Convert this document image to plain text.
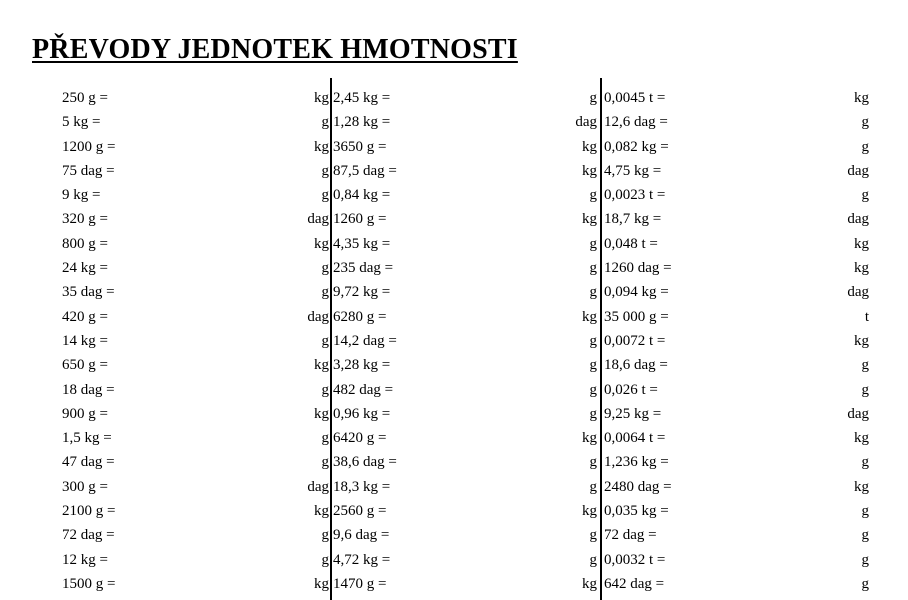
PŘEVODY JEDNOTEK HMOTNOSTI
250 g =	kg 2,45 kg =	g 0,0045 t =	kg
5 kg =	g 1,28 kg =	dag 12,6 dag =	g
1200 g =	kg 3650 g =	kg 0,082 kg =	g
75 dag =	g 87,5 dag =	kg 4,75 kg =	dag
9 kg =	g 0,84 kg =	g 0,0023 t =	g
320 g =	dag 1260 g =	kg 18,7 kg =	dag
800 g =	kg 4,35 kg =	g 0,048 t =	kg
24 kg =	g 235 dag =	g 1260 dag =	kg
35 dag =	g 9,72 kg =	g 0,094 kg =	dag
420 g =	dag 6280 g =	kg 35 000 g =	t
14 kg =	g 14,2 dag =	g 0,0072 t =	kg
650 g =	kg 3,28 kg =	g 18,6 dag =	g
18 dag =	g 482 dag =	g 0,026 t =	g
900 g =	kg 0,96 kg =	g 9,25 kg =	dag
1,5 kg =	g 6420 g =	kg 0,0064 t =	kg
47 dag =	g 38,6 dag =	g 1,236 kg =	g
300 g =	dag 18,3 kg =	g 2480 dag =	kg
2100 g =	kg 2560 g =	kg 0,035 kg =	g
72 dag =	g 9,6 dag =	g 72 dag =	g
12 kg =	g 4,72 kg =	g 0,0032 t =	g
1500 g =	kg 1470 g =	kg 642 dag =	g
